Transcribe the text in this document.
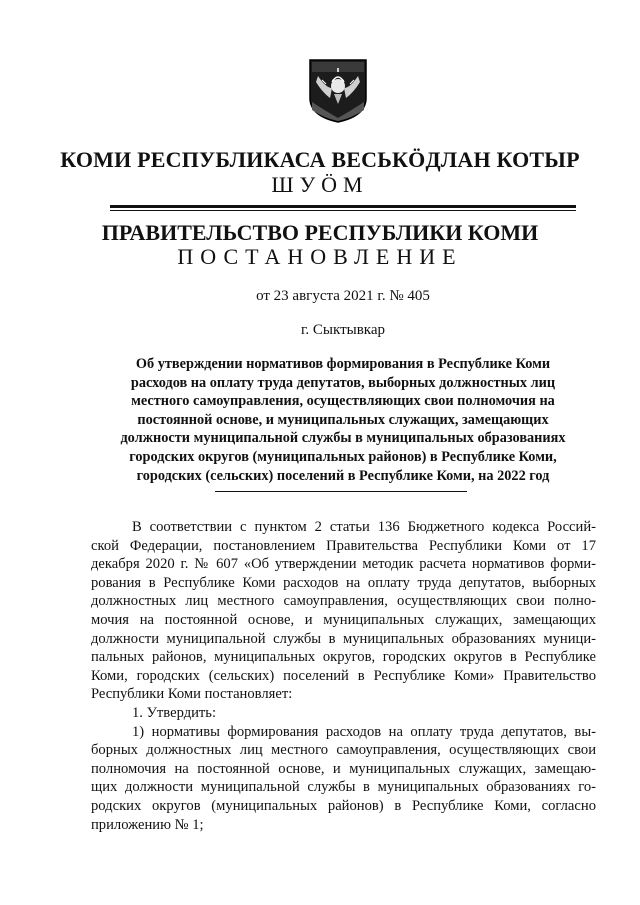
КОМИ РЕСПУБЛИКАСА ВЕСЬКӦДЛАН КОТЫР
ШУӦМ
ПРАВИТЕЛЬСТВО РЕСПУБЛИКИ КОМИ
ПОСТАНОВЛЕНИЕ
от 23 августа 2021 г. № 405
г. Сыктывкар
Об утверждении нормативов формирования в Республике Коми
расходов на оплату труда депутатов, выборных должностных лиц
местного самоуправления, осуществляющих свои полномочия на
постоянной основе, и муниципальных служащих, замещающих
должности муниципальной службы в муниципальных образованиях
городских округов (муниципальных районов) в Республике Коми,
городских (сельских) поселений в Республике Коми, на 2022 год
В соответствии с пунктом 2 статьи 136 Бюджетного кодекса Россий-
ской Федерации, постановлением Правительства Республики Коми от 17
декабря 2020 г. № 607 «Об утверждении методик расчета нормативов форми-
рования в Республике Коми расходов на оплату труда депутатов, выборных
должностных лиц местного самоуправления, осуществляющих свои полно-
мочия на постоянной основе, и муниципальных служащих, замещающих
должности муниципальной службы в муниципальных образованиях муници-
пальных районов, муниципальных округов, городских округов в Республике
Коми, городских (сельских) поселений в Республике Коми» Правительство
Республики Коми постановляет:
1. Утвердить:
1) нормативы формирования расходов на оплату труда депутатов, вы-
борных должностных лиц местного самоуправления, осуществляющих свои
полномочия на постоянной основе, и муниципальных служащих, замещаю-
щих должности муниципальной службы в муниципальных образованиях го-
родских округов (муниципальных районов) в Республике Коми, согласно
приложению № 1;
